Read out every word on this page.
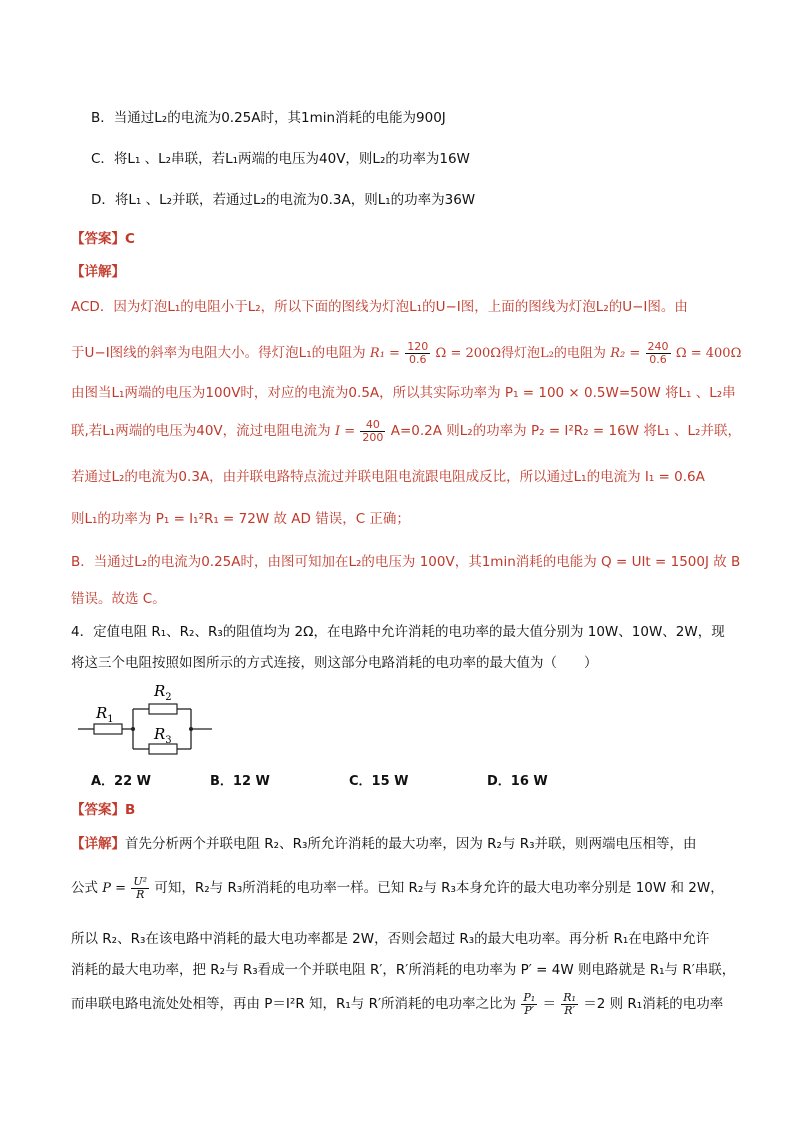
B．当通过L₂的电流为0.25A时，其1min消耗的电能为900J
C．将L₁ 、L₂串联，若L₁两端的电压为40V，则L₂的功率为16W
D．将L₁ 、L₂并联，若通过L₂的电流为0.3A，则L₁的功率为36W
【答案】C
【详解】
ACD．因为灯泡L₁的电阻小于L₂，所以下面的图线为灯泡L₁的U−I图，上面的图线为灯泡L₂的U−I图。由
于U−I图线的斜率为电阻大小。得灯泡L₁的电阻为 $R_1 = \frac{120}{0.6}$ Ω = 200Ω得灯泡L₂的电阻为 $R_2 = \frac{240}{0.6}$ Ω = 400Ω
由图当L₁两端的电压为100V时，对应的电流为0.5A，所以其实际功率为 P₁ = 100 × 0.5W=50W 将L₁ 、L₂串
联,若L₁两端的电压为40V，流过电阻电流为 $I = \frac{40}{200} A=0.2A$ 则L₂的功率为 P₂ = I²R₂ = 16W 将L₁ 、L₂并联，
若通过L₂的电流为0.3A，由并联电路特点流过并联电阻电流跟电阻成反比，所以通过L₁的电流为 I₁ = 0.6A
则L₁的功率为 P₁ = I₁²R₁ = 72W 故 AD 错误，C 正确；
B．当通过L₂的电流为0.25A时，由图可知加在L₂的电压为 100V，其1min消耗的电能为 Q = UIt = 1500J 故 B
错误。故选 C。
4．定值电阻 R₁、R₂、R₃的阻值均为 2Ω，在电路中允许消耗的电功率的最大值分别为 10W、10W、2W，现
将这三个电阻按照如图所示的方式连接，则这部分电路消耗的电功率的最大值为（　　）
$R_1$
$R_2$
$R_3$
A．22 W	B．12 W	C．15 W	D．16 W
【答案】B
【详解】首先分析两个并联电阻 R₂、R₃所允许消耗的最大功率，因为 R₂与 R₃并联，则两端电压相等，由
公式 $P = \frac{\text{U²}}{R}$ 可知，R₂与 R₃所消耗的电功率一样。已知 R₂与 R₃本身允许的最大电功率分别是 10W 和 2W，
所以 R₂、R₃在该电路中消耗的最大电功率都是 2W，否则会超过 R₃的最大电功率。再分析 R₁在电路中允许
消耗的最大电功率，把 R₂与 R₃看成一个并联电阻 R′，R′所消耗的电功率为 P′ = 4W 则电路就是 R₁与 R′串联，
而串联电路电流处处相等，再由 P＝I²R 知，R₁与 R′所消耗的电功率之比为 $\frac{\text{P₁}}{P'} = \frac{\text{R₁}}{R'} =2$ 则 R₁消耗的电功率
